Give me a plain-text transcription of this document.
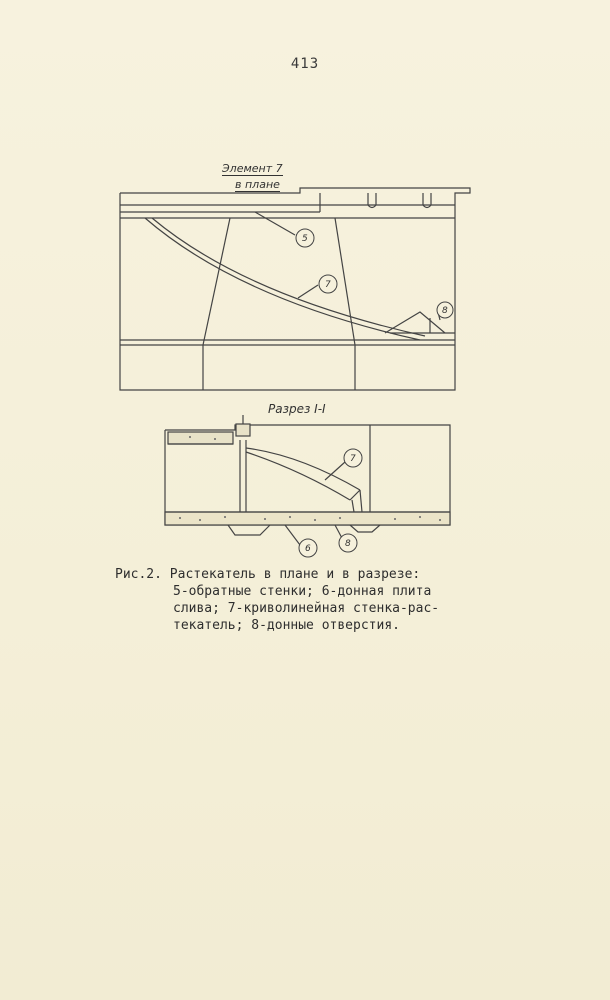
413
Элемент 7
в плане
5
7
8
7
6	8
Разрез I-I
Рис.2. Растекатель в плане и в разрезе:
5-обратные стенки; 6-донная плита
слива; 7-криволинейная стенка-рас-
текатель; 8-донные отверстия.
